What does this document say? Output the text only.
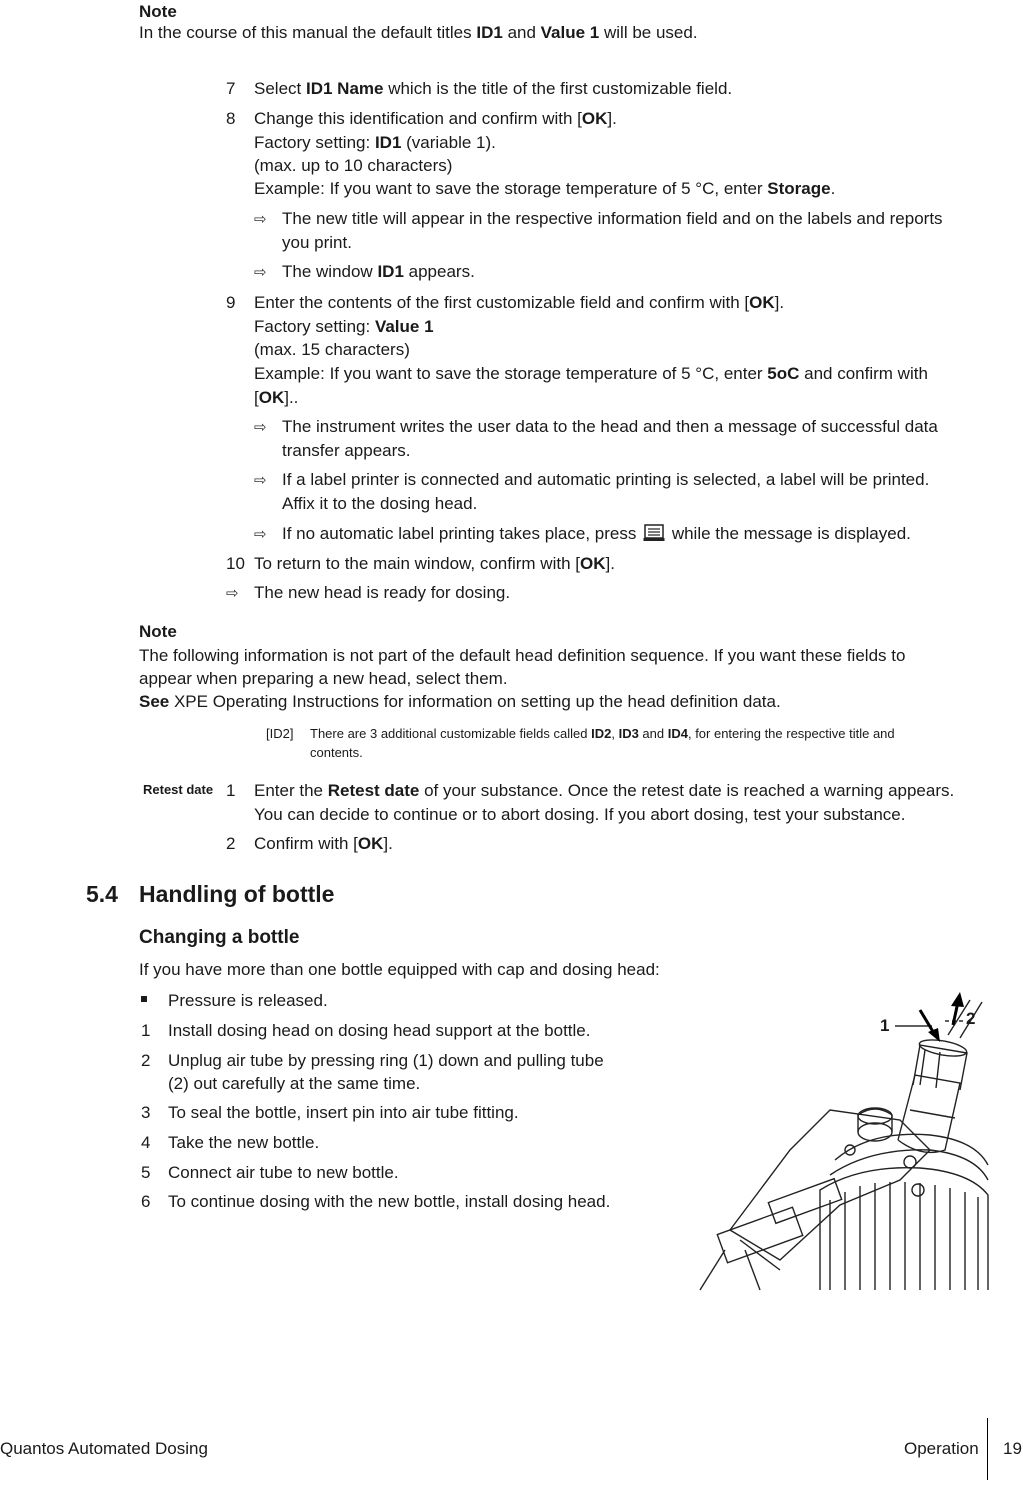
Note
In the course of this manual the default titles ID1 and Value 1 will be used.
7 Select ID1 Name which is the title of the first customizable field.
8 Change this identification and confirm with [OK].
Factory setting: ID1 (variable 1).
(max. up to 10 characters)
Example: If you want to save the storage temperature of 5 °C, enter Storage.
⇨ The new title will appear in the respective information field and on the labels and reports
you print.
⇨ The window ID1 appears.
9 Enter the contents of the first customizable field and confirm with [OK].
Factory setting: Value 1
(max. 15 characters)
Example: If you want to save the storage temperature of 5 °C, enter 5oC and confirm with
[OK]..
⇨ The instrument writes the user data to the head and then a message of successful data
transfer appears.
⇨ If a label printer is connected and automatic printing is selected, a label will be printed.
Affix it to the dosing head.
⇨ If no automatic label printing takes place, press  while the message is displayed.
10 To return to the main window, confirm with [OK].
⇨ The new head is ready for dosing.
Note
The following information is not part of the default head definition sequence. If you want these fields to
appear when preparing a new head, select them.
See XPE Operating Instructions for information on setting up the head definition data.
[ID2] There are 3 additional customizable fields called ID2, ID3 and ID4, for entering the respective title and
contents.
Retest date 1 Enter the Retest date of your substance. Once the retest date is reached a warning appears.
You can decide to continue or to abort dosing. If you abort dosing, test your substance.
2 Confirm with [OK].
5.4 Handling of bottle
Changing a bottle
If you have more than one bottle equipped with cap and dosing head:
Pressure is released.
1 Install dosing head on dosing head support at the bottle.
2 Unplug air tube by pressing ring (1) down and pulling tube
(2) out carefully at the same time.
3 To seal the bottle, insert pin into air tube fitting.
4 Take the new bottle.
5 Connect air tube to new bottle.
6 To continue dosing with the new bottle, install dosing head.
1	2
Quantos Automated Dosing	Operation 19
